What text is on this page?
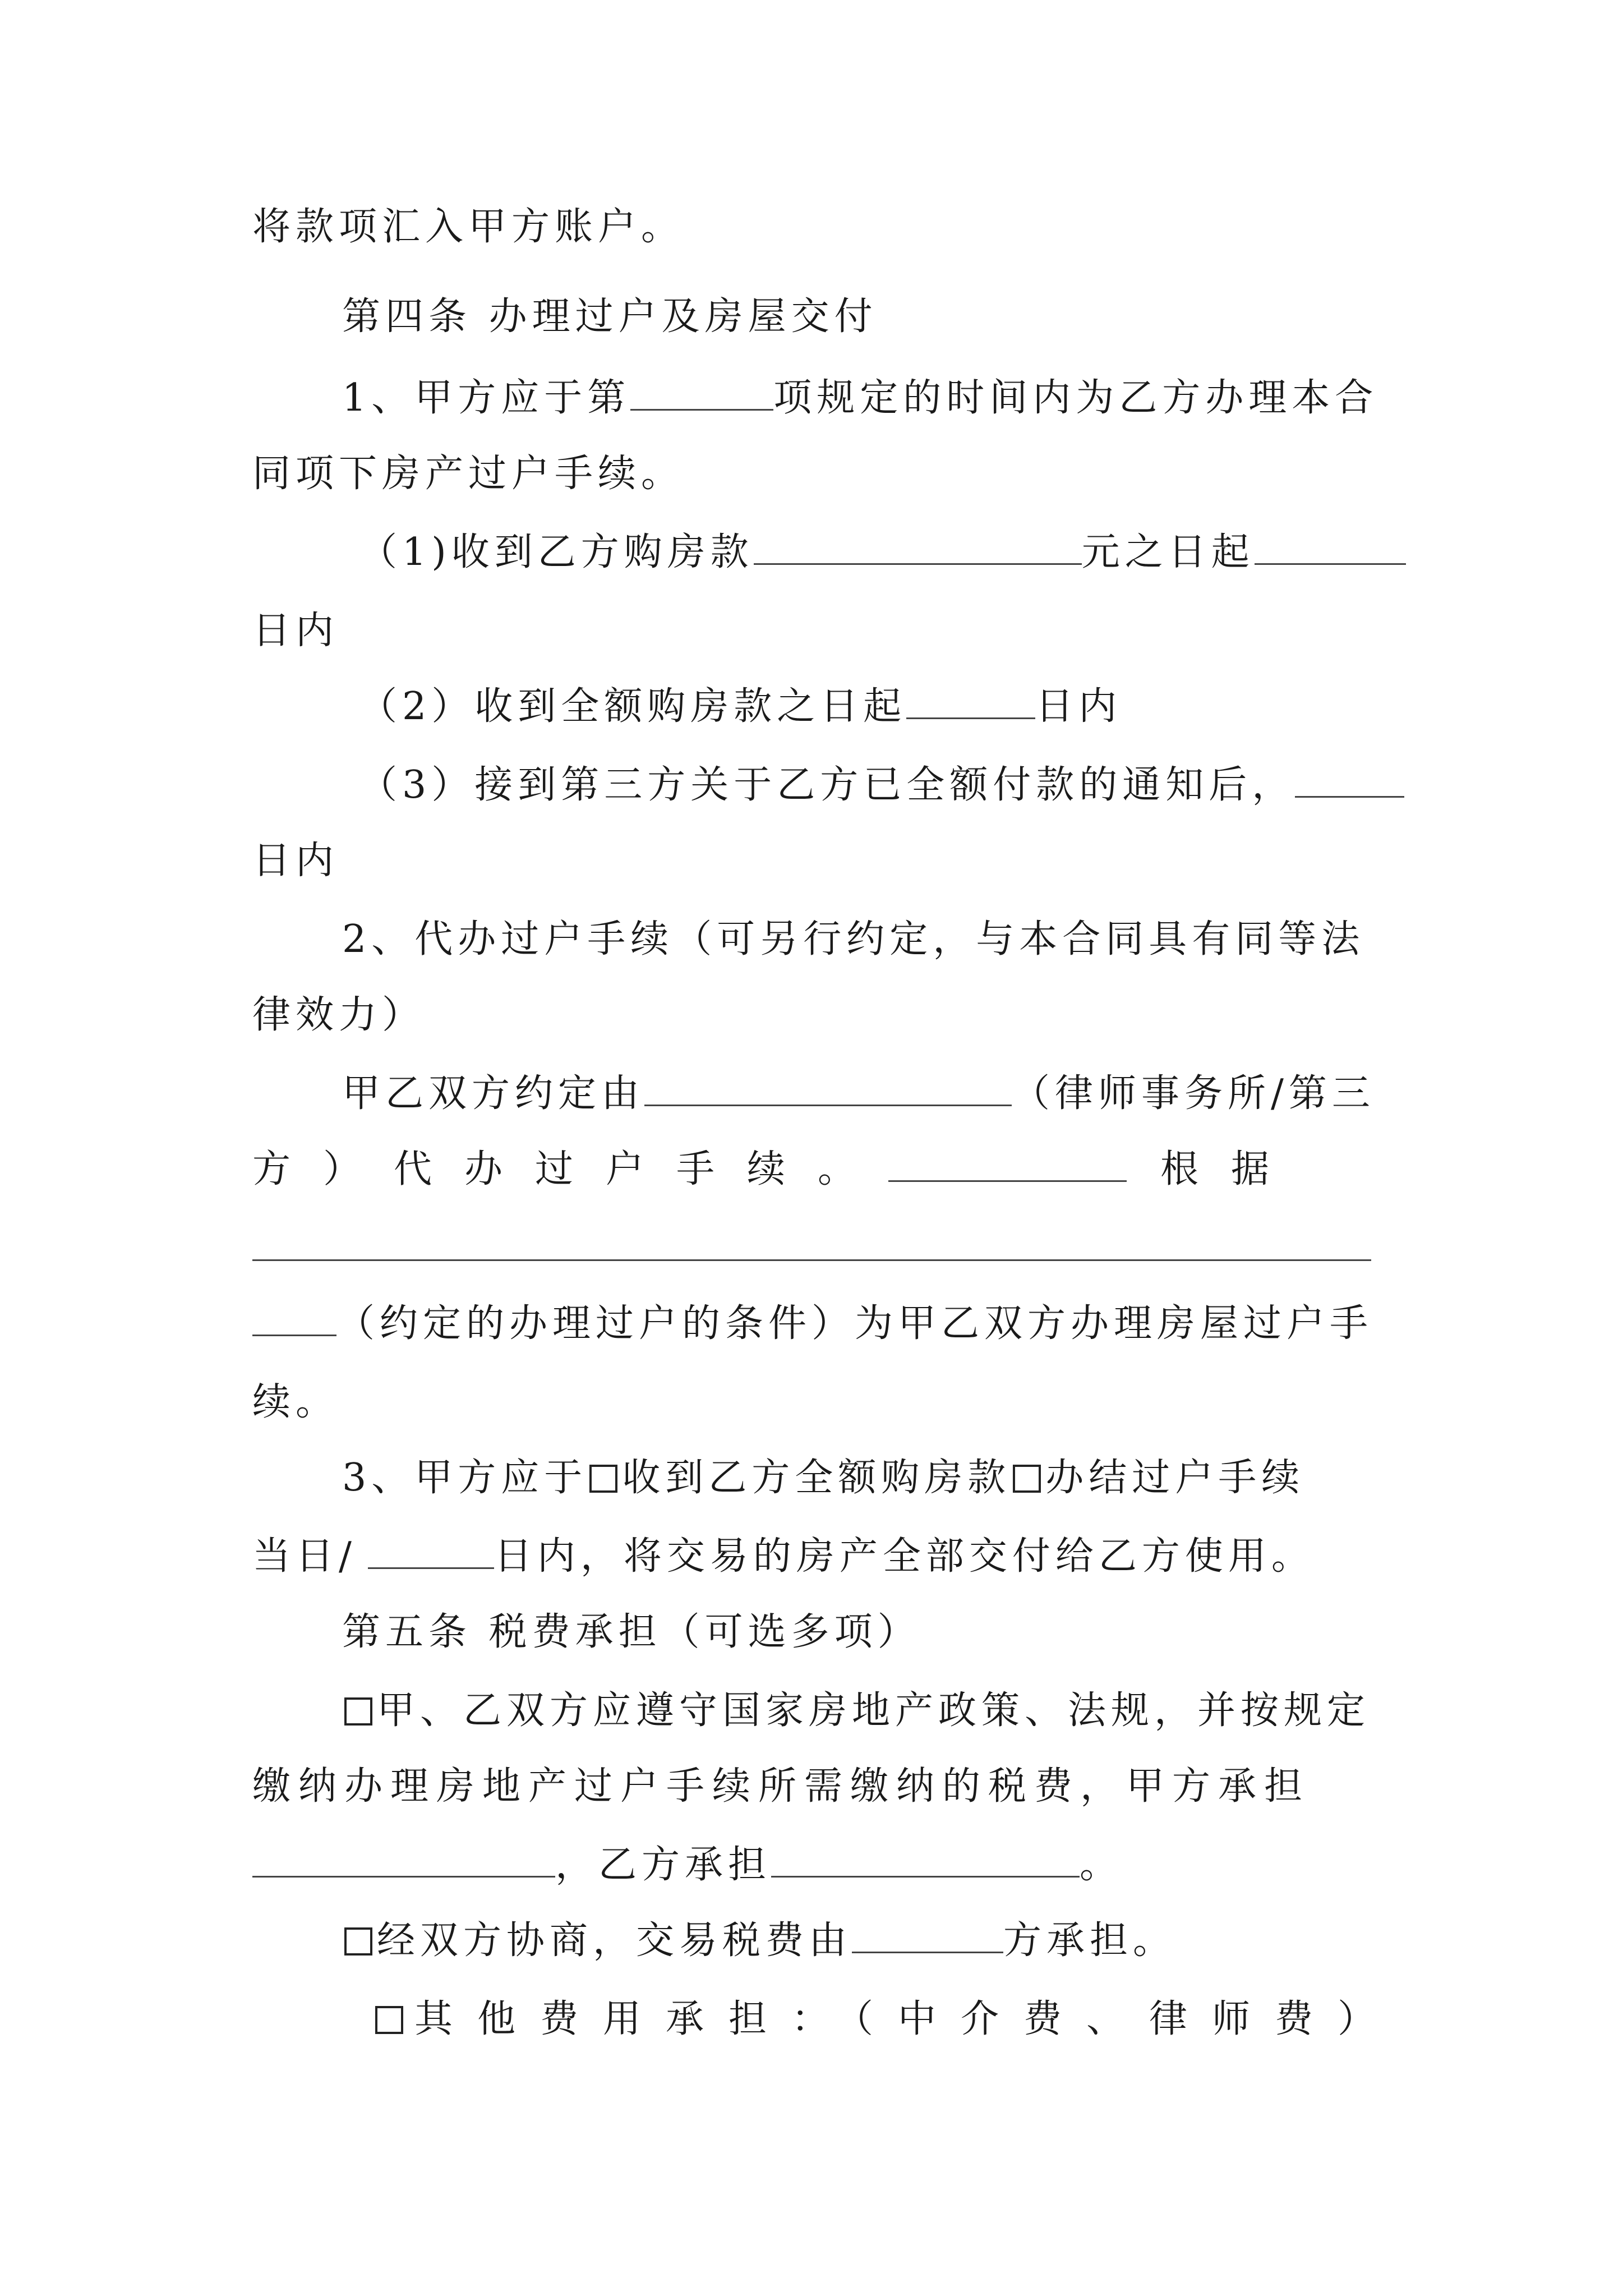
将款项汇入甲方账户。
第四条 办理过户及房屋交付
1、甲方应于第	项规定的时间内为乙方办理本合
同项下房产过户手续。
（1)收到乙方购房款	元之日起
日内
（2）收到全额购房款之日起	日内
（3）接到第三方关于乙方已全额付款的通知后，
日内
2、代办过户手续（可另行约定，与本合同具有同等法
律效力）
甲乙双方约定由	（律师事务所/第三
方）代办过户手续。	根据
（约定的办理过户的条件）为甲乙双方办理房屋过户手
续。
3、甲方应于 收到乙方全额购房款 办结过户手续
当日/	日内，将交易的房产全部交付给乙方使用。
第五条 税费承担（可选多项）
甲、乙双方应遵守国家房地产政策、法规，并按规定
缴纳办理房地产过户手续所需缴纳的税费，甲方承担
，乙方承担	。
经双方协商，交易税费由	方承担。
其他费用承担：（中介费、律师费）
